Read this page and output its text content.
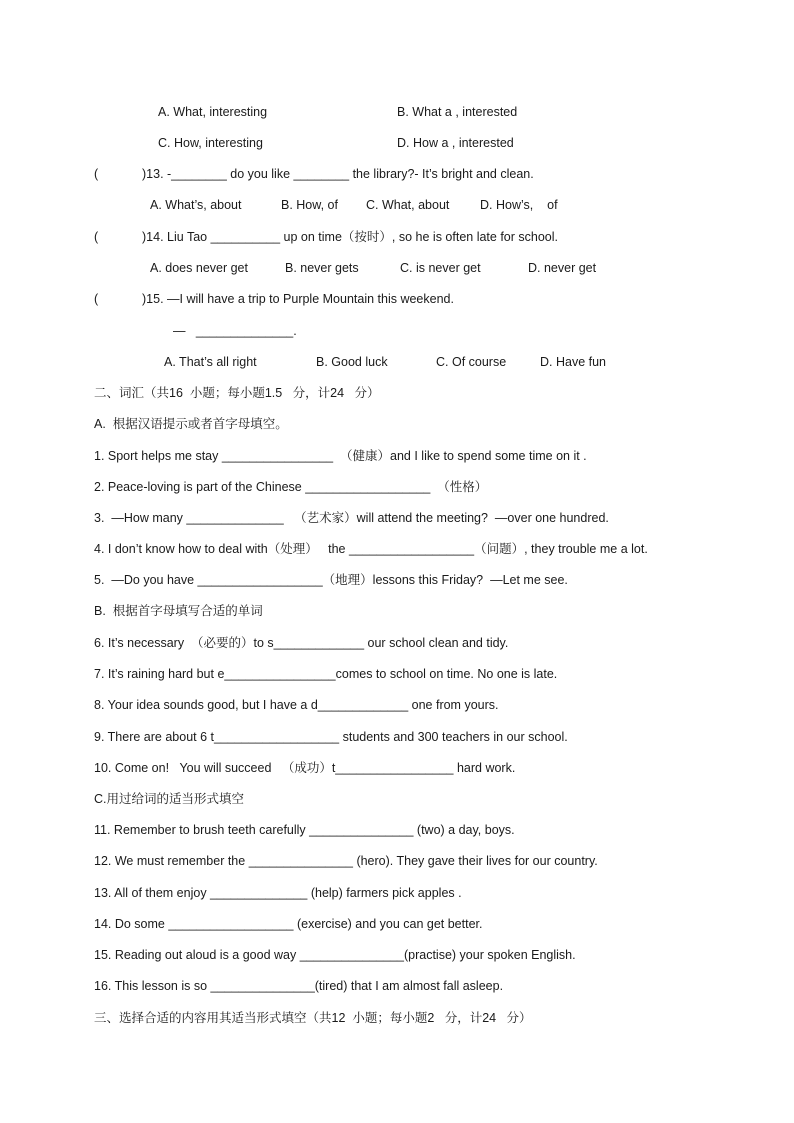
A. What, interesting	B. What a , interested
C. How, interesting	D. How a , interested
(	)13. -________ do you like ________ the library?- It’s bright and clean.
A. What’s, about	B. How, of C. What, about D. How’s,    of
(	)14. Liu Tao __________ up on time（按时）, so he is often late for school.
A. does never get	B. never gets	C. is never get	D. never get
(	)15. —I will have a trip to Purple Mountain this weekend.
—   ______________.
A. That’s all right	B. Good luck	C. Of course	D. Have fun
二、词汇（共16  小题；每小题1.5   分，计24   分）
A.  根据汉语提示或者首字母填空。
1. Sport helps me stay ________________  （健康）and I like to spend some time on it .
2. Peace-loving is part of the Chinese __________________  （性格）
3.  —How many ______________   （艺术家）will attend the meeting?  —over one hundred.
4. I don’t know how to deal with（处理）   the __________________（问题）, they trouble me a lot.
5.  —Do you have __________________（地理）lessons this Friday?  —Let me see.
B.  根据首字母填写合适的单词
6. It’s necessary  （必要的）to s_____________ our school clean and tidy.
7. It’s raining hard but e________________comes to school on time. No one is late.
8. Your idea sounds good, but I have a d_____________ one from yours.
9. There are about 6 t__________________ students and 300 teachers in our school.
10. Come on!   You will succeed   （成功）t_________________ hard work.
C.用过给词的适当形式填空
11. Remember to brush teeth carefully _______________ (two) a day, boys.
12. We must remember the _______________ (hero). They gave their lives for our country.
13. All of them enjoy ______________ (help) farmers pick apples .
14. Do some __________________ (exercise) and you can get better.
15. Reading out aloud is a good way _______________(practise) your spoken English.
16. This lesson is so _______________(tired) that I am almost fall asleep.
三、选择合适的内容用其适当形式填空（共12  小题；每小题2   分，计24   分）
